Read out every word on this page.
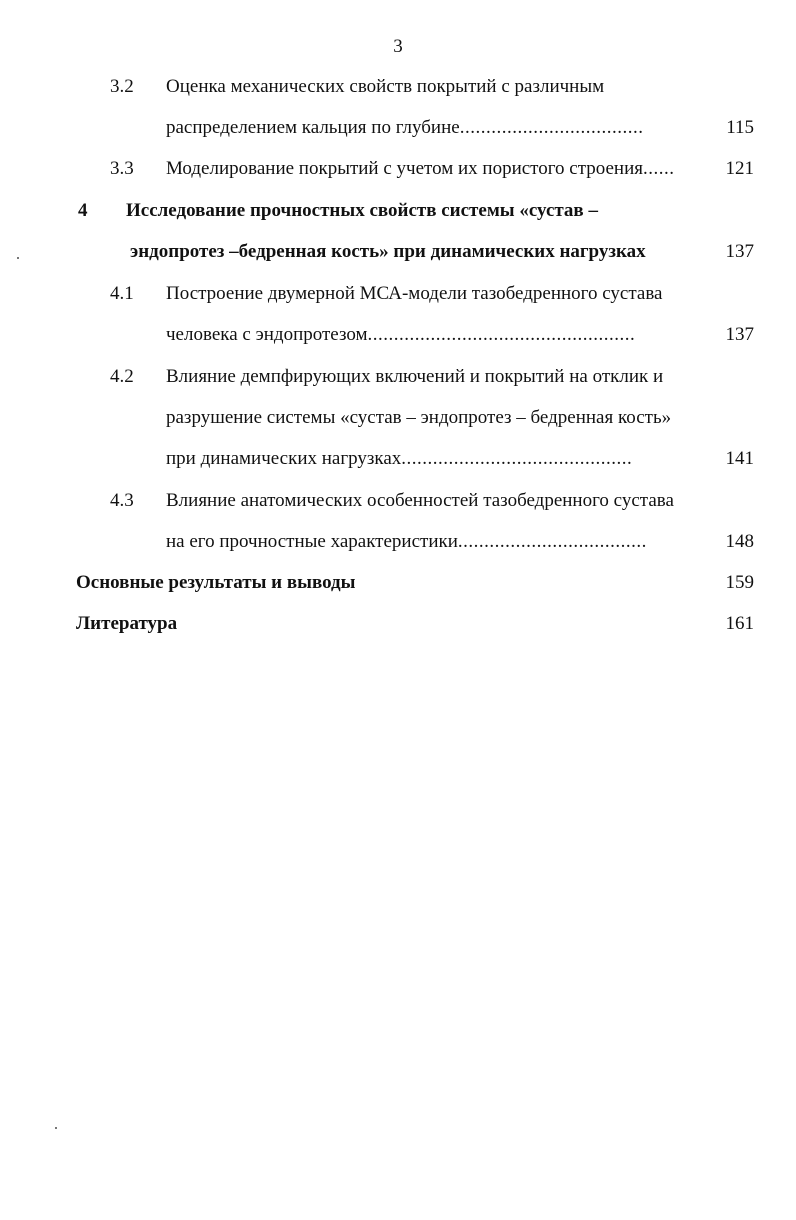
3
3.2 Оценка механических свойств покрытий с различным
распределением кальция по глубине...................................	115
3.3 Моделирование покрытий с учетом их пористого строения......	121
4 Исследование прочностных свойств системы «сустав –
эндопротез –бедренная кость» при динамических нагрузках	137
4.1 Построение двумерной МСА-модели тазобедренного сустава
человека с эндопротезом...................................................	137
4.2 Влияние демпфирующих включений и покрытий на отклик и
разрушение системы «сустав – эндопротез – бедренная кость»
при динамических нагрузках............................................	141
4.3 Влияние анатомических особенностей тазобедренного сустава
на его прочностные характеристики....................................	148
Основные результаты и выводы	159
Литература	161
